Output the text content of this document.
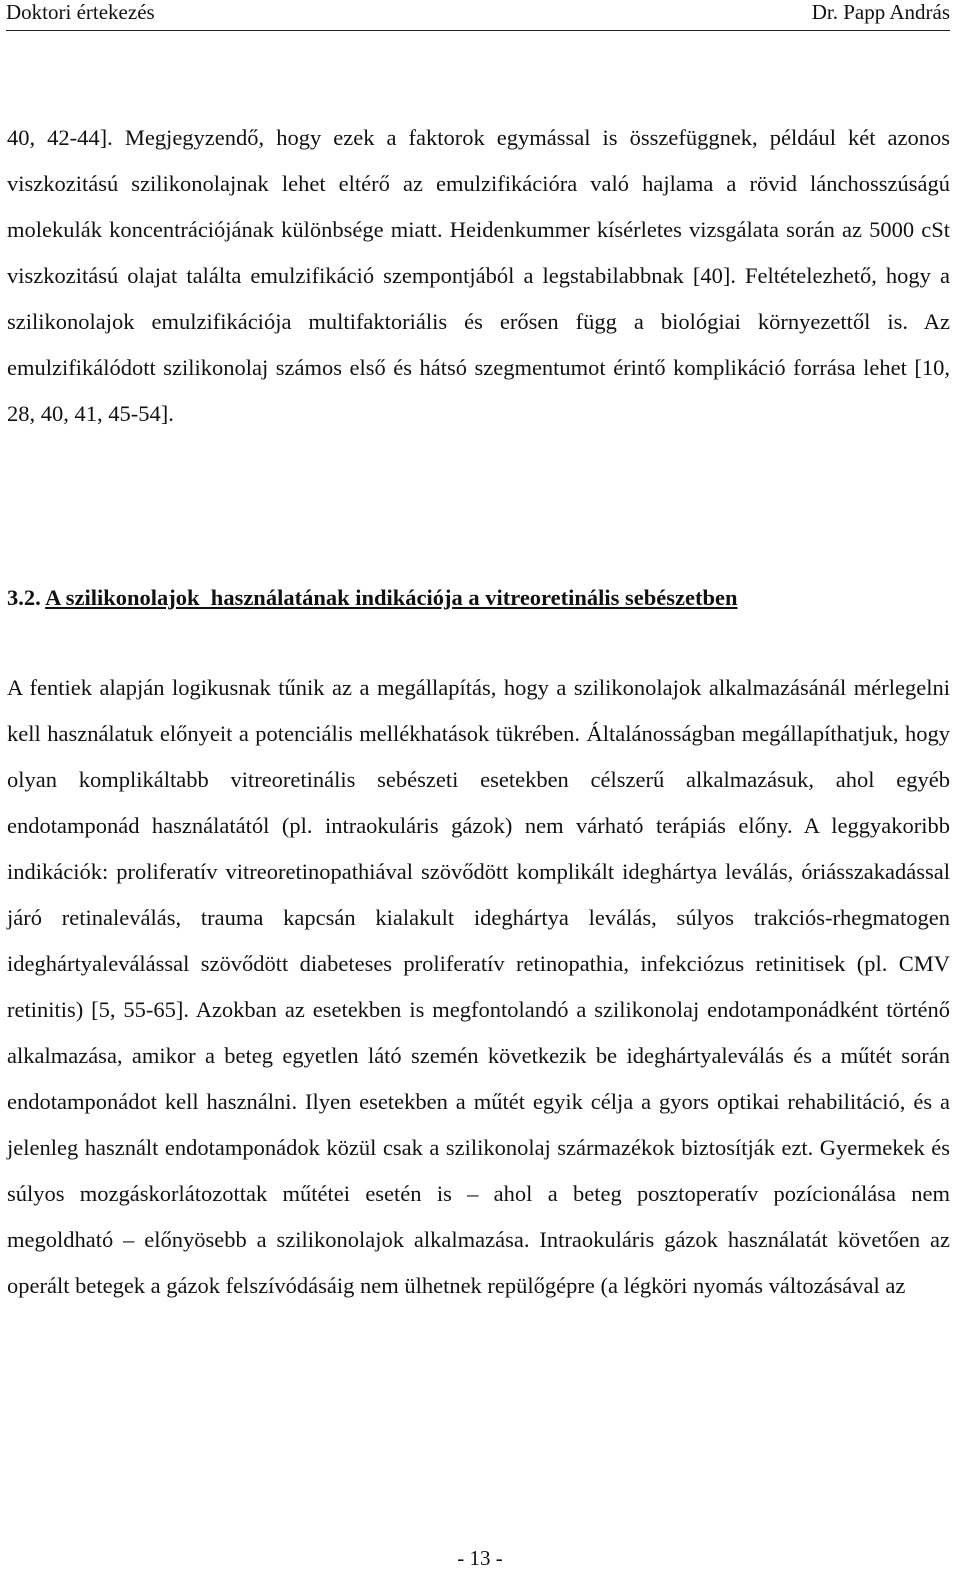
Doktori értekezés	Dr. Papp András

40, 42-44]. Megjegyzendő, hogy ezek a faktorok egymással is összefüggnek, például két azonos viszkozitású szilikonolajnak lehet eltérő az emulzifikációra való hajlama a rövid lánchosszúságú molekulák koncentrációjának különbsége miatt. Heidenkummer kísérletes vizsgálata során az 5000 cSt viszkozitású olajat találta emulzifikáció szempontjából a legstabilabbnak [40]. Feltételezhető, hogy a szilikonolajok emulzifikációja multifaktoriális és erősen függ a biológiai környezettől is. Az emulzifikálódott szilikonolaj számos első és hátsó szegmentumot érintő komplikáció forrása lehet [10, 28, 40, 41, 45-54].

3.2. A szilikonolajok  használatának indikációja a vitreoretinális sebészetben

A fentiek alapján logikusnak tűnik az a megállapítás, hogy a szilikonolajok alkalmazásánál mérlegelni kell használatuk előnyeit a potenciális mellékhatások tükrében. Általánosságban megállapíthatjuk, hogy olyan komplikáltabb vitreoretinális sebészeti esetekben célszerű alkalmazásuk, ahol egyéb endotamponád használatától (pl. intraokuláris gázok) nem várható terápiás előny. A leggyakoribb indikációk: proliferatív vitreoretinopathiával szövődött komplikált ideghártya leválás, óriásszakadással járó retinaleválás, trauma kapcsán kialakult ideghártya leválás, súlyos trakciós-rhegmatogen ideghártyaleválással szövődött diabeteses proliferatív retinopathia, infekciózus retinitisek (pl. CMV retinitis) [5, 55-65]. Azokban az esetekben is megfontolandó a szilikonolaj endotamponádként történő alkalmazása, amikor a beteg egyetlen látó szemén következik be ideghártyaleválás és a műtét során endotamponádot kell használni. Ilyen esetekben a műtét egyik célja a gyors optikai rehabilitáció, és a jelenleg használt endotamponádok közül csak a szilikonolaj származékok biztosítják ezt. Gyermekek és súlyos mozgáskorlátozottak műtétei esetén is – ahol a beteg posztoperatív pozícionálása nem megoldható – előnyösebb a szilikonolajok alkalmazása. Intraokuláris gázok használatát követően az operált betegek a gázok felszívódásáig nem ülhetnek repülőgépre (a légköri nyomás változásával az

- 13 -
